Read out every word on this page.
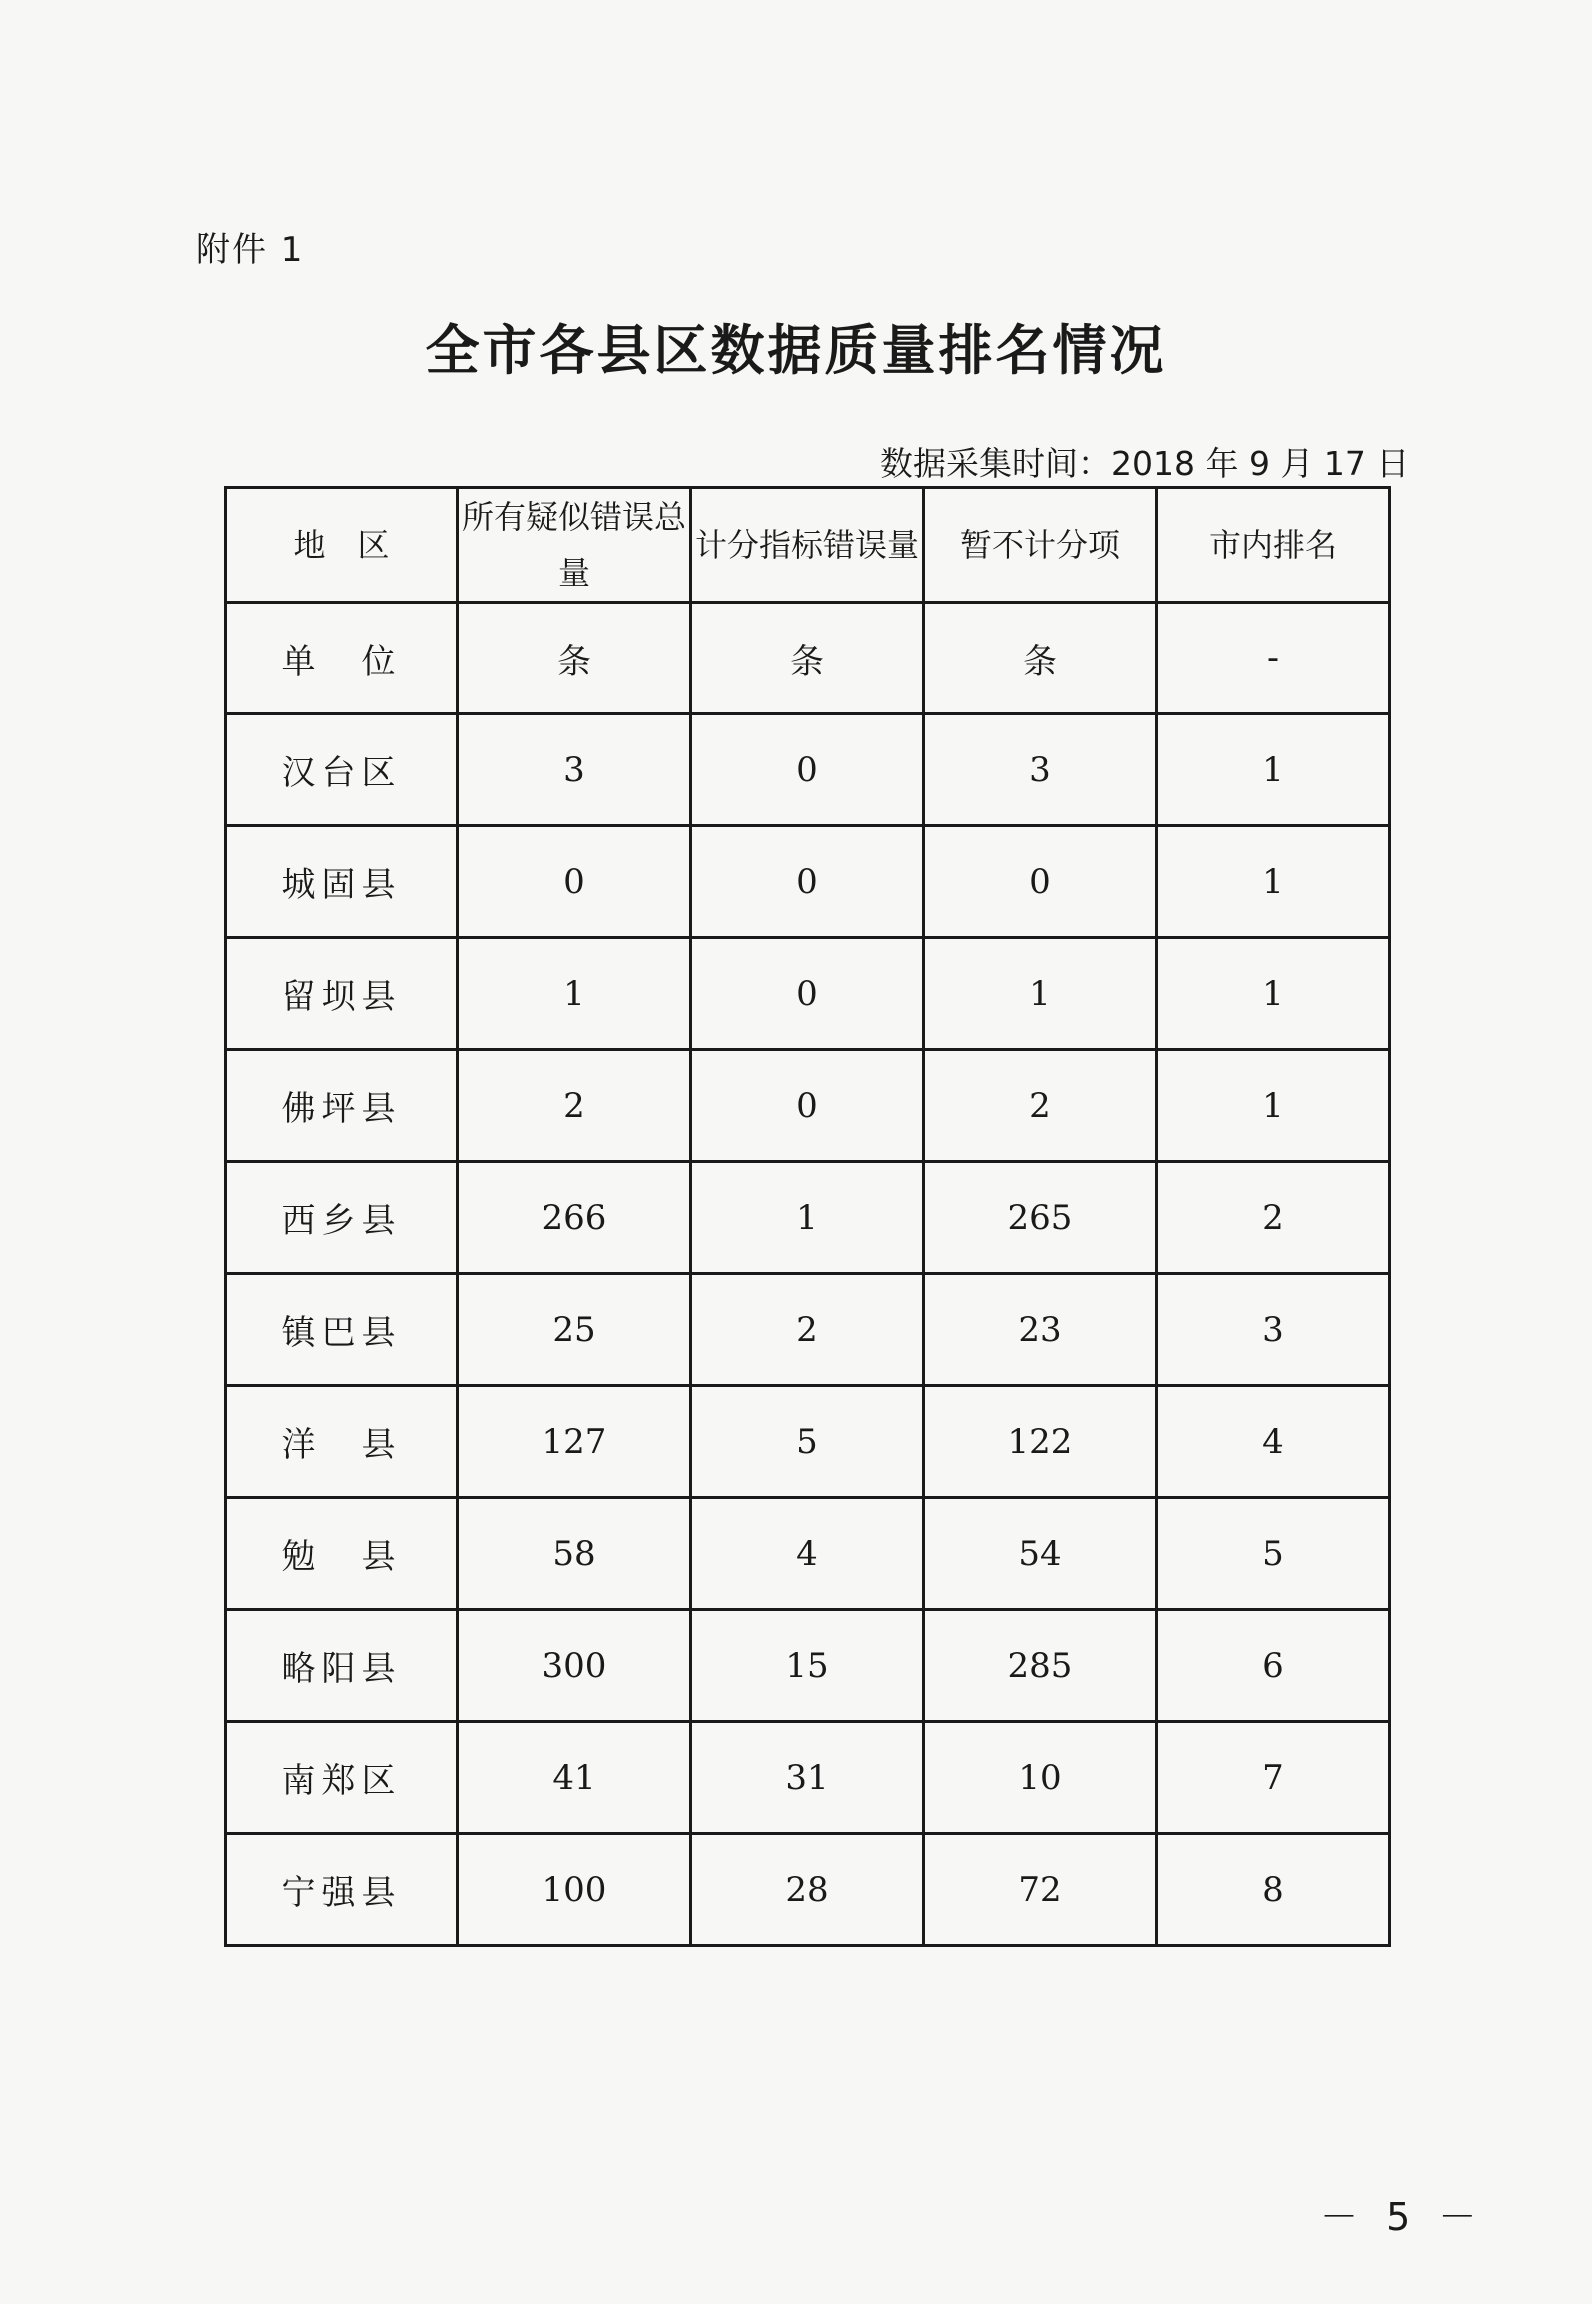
附件 1
全市各县区数据质量排名情况
数据采集时间：2018 年 9 月 17 日
地　区	所有疑似错误总量	计分指标错误量	暂不计分项	市内排名
单　位	条	条	条	-
汉台区	3	0	3	1
城固县	0	0	0	1
留坝县	1	0	1	1
佛坪县	2	0	2	1
西乡县	266	1	265	2
镇巴县	25	2	23	3
洋　县	127	5	122	4
勉　县	58	4	54	5
略阳县	300	15	285	6
南郑区	41	31	10	7
宁强县	100	28	72	8
－ 5 －
